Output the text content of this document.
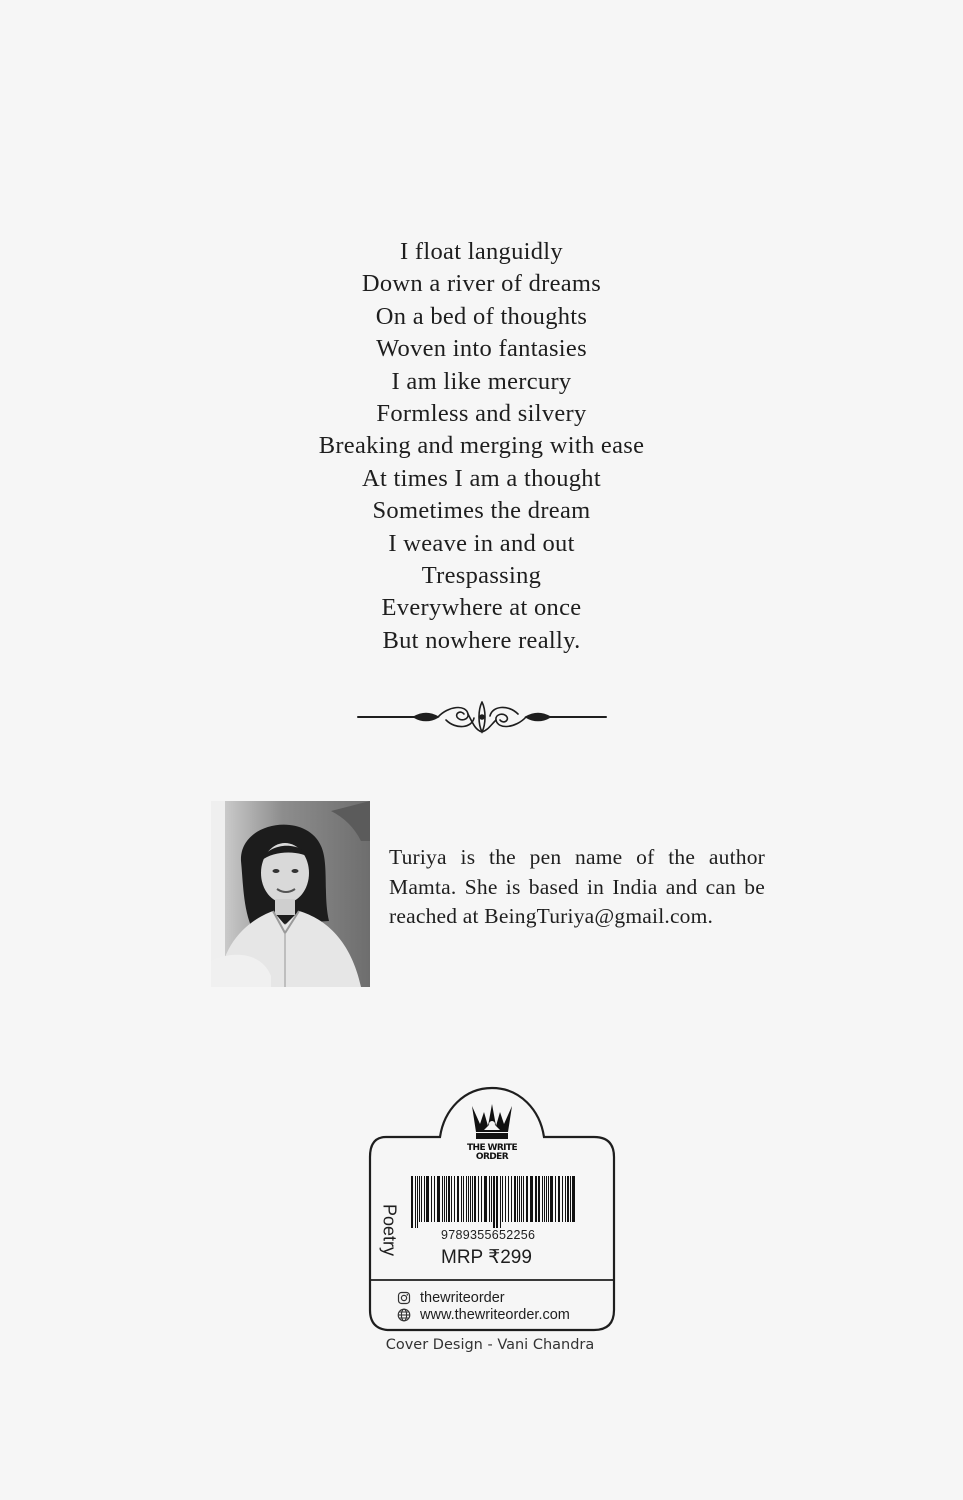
I float languidly
Down a river of dreams
On a bed of thoughts
Woven into fantasies
I am like mercury
Formless and silvery
Breaking and merging with ease
At times I am a thought
Sometimes the dream
I weave in and out
Trespassing
Everywhere at once
But nowhere really.
Turiya is the pen name of the author Mamta. She is based in India and can be reached at BeingTuriya@gmail.com.
THE WRITE
ORDER
Poetry	9789355652256
MRP ₹299
thewriteorder
www.thewriteorder.com
Cover Design - Vani Chandra
